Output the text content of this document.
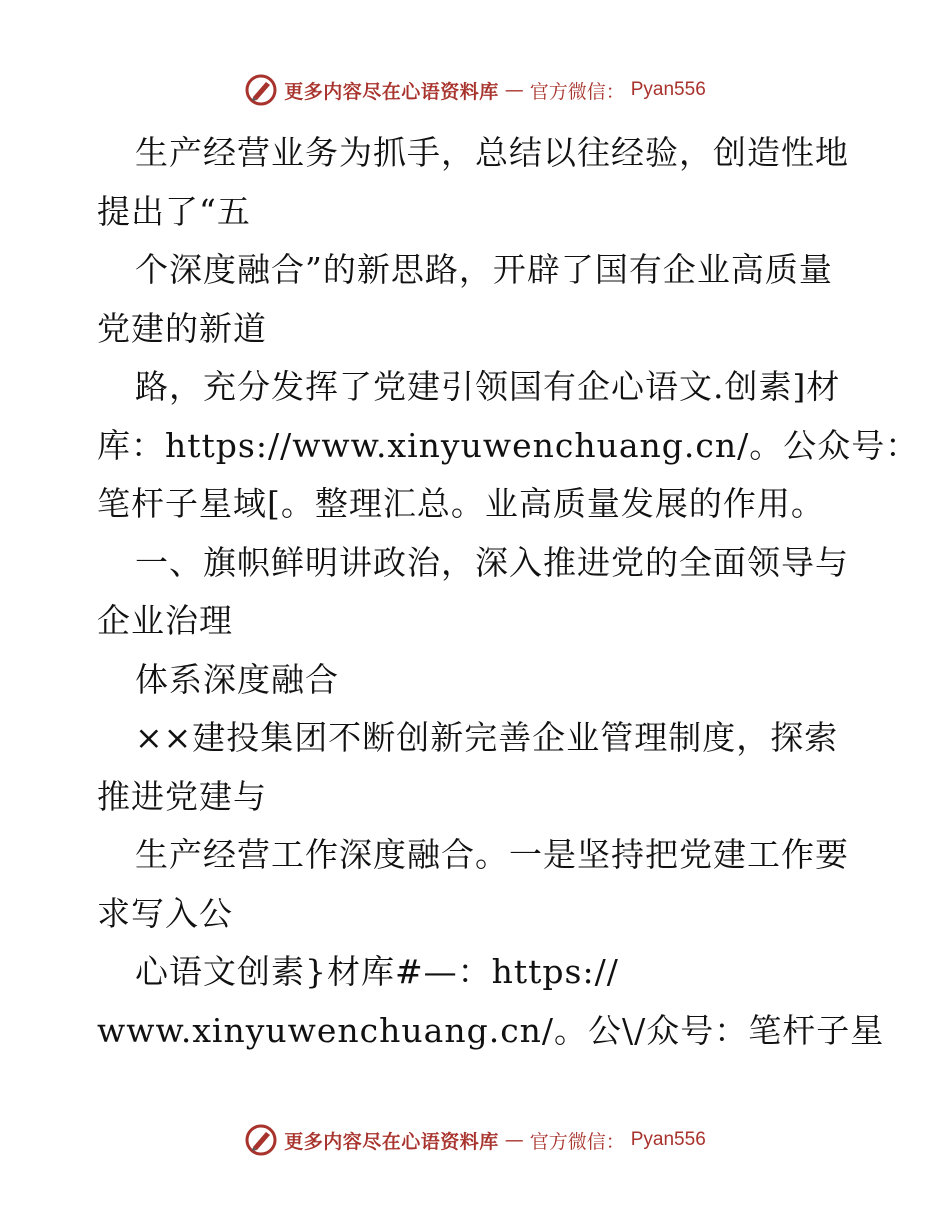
更多内容尽在心语资料库 — 官方微信： Pyan556
生产经营业务为抓手，总结以往经验，创造性地
提出了“五
个深度融合”的新思路，开辟了国有企业高质量
党建的新道
路，充分发挥了党建引领国有企心语文.创素]材
库：https://www.xinyuwenchuang.cn/。公众号：
笔杆子星域[。整理汇总。业高质量发展的作用。
一、旗帜鲜明讲政治，深入推进党的全面领导与
企业治理
体系深度融合
××建投集团不断创新完善企业管理制度，探索
推进党建与
生产经营工作深度融合。一是坚持把党建工作要
求写入公
心语文创素}材库#—：https://
www.xinyuwenchuang.cn/。公\/众号：笔杆子星
更多内容尽在心语资料库 — 官方微信： Pyan556
